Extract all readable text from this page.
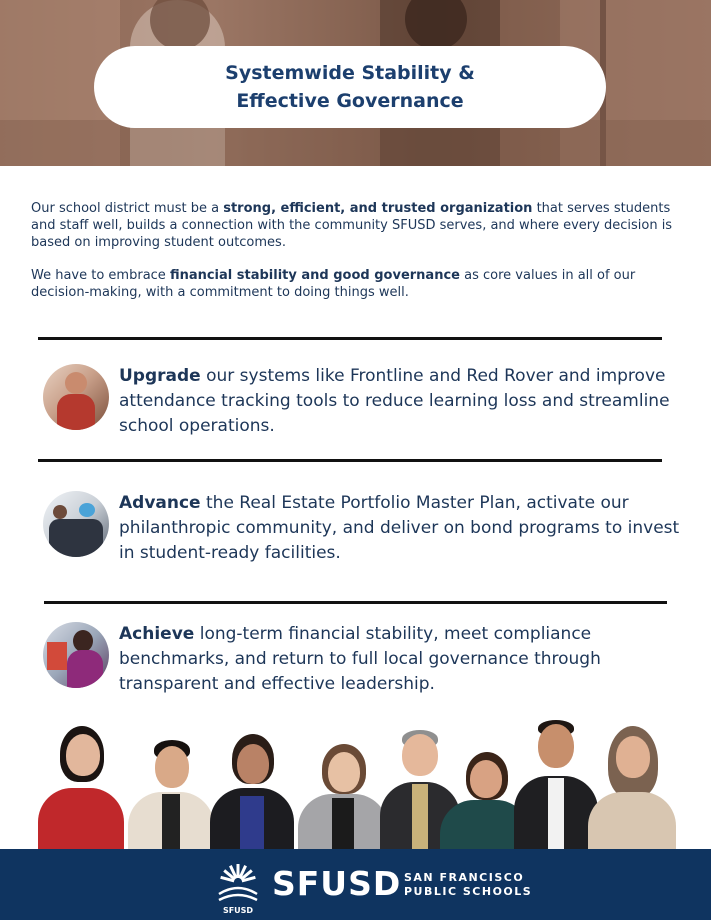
Systemwide Stability &
Effective Governance

Our school district must be a strong, efficient, and trusted organization that serves students and staff well, builds a connection with the community SFUSD serves, and where every decision is based on improving student outcomes.

We have to embrace financial stability and good governance as core values in all of our decision-making, with a commitment to doing things well.

Upgrade our systems like Frontline and Red Rover and improve attendance tracking tools to reduce learning loss and streamline school operations.
Advance the Real Estate Portfolio Master Plan, activate our philanthropic community, and deliver on bond programs to invest in student-ready facilities.
Achieve long-term financial stability, meet compliance benchmarks, and return to full local governance through transparent and effective leadership.
SFUSD
SFUSD SAN FRANCISCO
PUBLIC SCHOOLS
